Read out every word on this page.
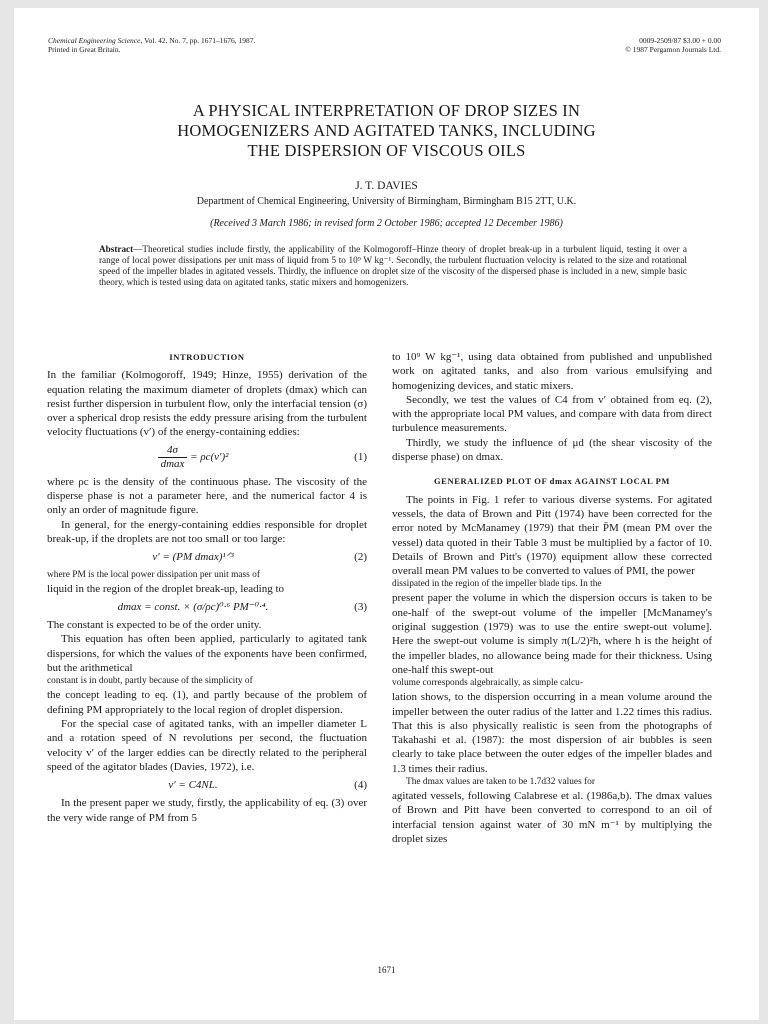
Chemical Engineering Science, Vol. 42, No. 7, pp. 1671–1676, 1987.
Printed in Great Britain.
0009-2509/87 $3.00 + 0.00
© 1987 Pergamon Journals Ltd.
A PHYSICAL INTERPRETATION OF DROP SIZES IN
HOMOGENIZERS AND AGITATED TANKS, INCLUDING
THE DISPERSION OF VISCOUS OILS
J. T. DAVIES
Department of Chemical Engineering, University of Birmingham, Birmingham B15 2TT, U.K.
(Received 3 March 1986; in revised form 2 October 1986; accepted 12 December 1986)
Abstract—Theoretical studies include firstly, the applicability of the Kolmogoroff–Hinze theory of droplet break-up in a turbulent liquid, testing it over a range of local power dissipations per unit mass of liquid from 5 to 10⁹ W kg⁻¹. Secondly, the turbulent fluctuation velocity is related to the size and rotational speed of the impeller blades in agitated vessels. Thirdly, the influence on droplet size of the viscosity of the dispersed phase is included in a new, simple basic theory, which is tested using data on agitated tanks, static mixers and homogenizers.
INTRODUCTION

In the familiar (Kolmogoroff, 1949; Hinze, 1955) derivation of the equation relating the maximum diameter of droplets (dmax) which can resist further dispersion in turbulent flow, only the interfacial tension (σ) over a spherical drop resists the eddy pressure arising from the turbulent velocity fluctuations (v′) of the energy-containing eddies:

$\frac{4\sigma}{dmax} = \rho c(v')^2$	(1)

where ρc is the density of the continuous phase. The viscosity of the disperse phase is not a parameter here, and the numerical factor 4 is only an order of magnitude figure.

In general, for the energy-containing eddies responsible for droplet break-up, if the droplets are not too small or too large:

v′ = (PM dmax)¹ᐟ³	(2)

where PM is the local power dissipation per unit mass of

liquid in the region of the droplet break-up, leading to

dmax = const. × (σ/ρc)⁰·⁶ PM⁻⁰·⁴.	(3)

The constant is expected to be of the order unity.

This equation has often been applied, particularly to agitated tank dispersions, for which the values of the exponents have been confirmed, but the arithmetical

constant is in doubt, partly because of the simplicity of

the concept leading to eq. (1), and partly because of the problem of defining PM appropriately to the local region of droplet dispersion.

For the special case of agitated tanks, with an impeller diameter L and a rotation speed of N revolutions per second, the fluctuation velocity v′ of the larger eddies can be directly related to the peripheral speed of the agitator blades (Davies, 1972), i.e.

v′ = C4NL.	(4)

In the present paper we study, firstly, the applicability of eq. (3) over the very wide range of PM from 5

to 10⁹ W kg⁻¹, using data obtained from published and unpublished work on agitated tanks, and also from various emulsifying and homogenizing devices, and static mixers.

Secondly, we test the values of C4 from v′ obtained from eq. (2), with the appropriate local PM values, and compare with data from direct turbulence measurements.

Thirdly, we study the influence of μd (the shear viscosity of the disperse phase) on dmax.

GENERALIZED PLOT OF dmax AGAINST LOCAL PM

The points in Fig. 1 refer to various diverse systems. For agitated vessels, the data of Brown and Pitt (1974) have been corrected for the error noted by McManamey (1979) that their P̄M (mean PM over the vessel) data quoted in their Table 3 must be multiplied by a factor of 10. Details of Brown and Pitt's (1970) equipment allow these corrected overall mean PM values to be converted to values of PMI, the power

dissipated in the region of the impeller blade tips. In the

present paper the volume in which the dispersion occurs is taken to be one-half of the swept-out volume of the impeller [McManamey's original suggestion (1979) was to use the entire swept-out volume]. Here the swept-out volume is simply π(L/2)²h, where h is the height of the impeller blades, no allowance being made for their thickness. Using one-half this swept-out

volume corresponds algebraically, as simple calcu-

lation shows, to the dispersion occurring in a mean volume around the impeller between the outer radius of the latter and 1.22 times this radius. That this is also physically realistic is seen from the photographs of Takahashi et al. (1987): the most dispersion of air bubbles is seen clearly to take place between the outer edges of the impeller blades and 1.3 times their radius.

The dmax values are taken to be 1.7d32 values for

agitated vessels, following Calabrese et al. (1986a,b). The dmax values of Brown and Pitt have been converted to correspond to an oil of interfacial tension against water of 30 mN m⁻¹ by multiplying the droplet sizes

1671
